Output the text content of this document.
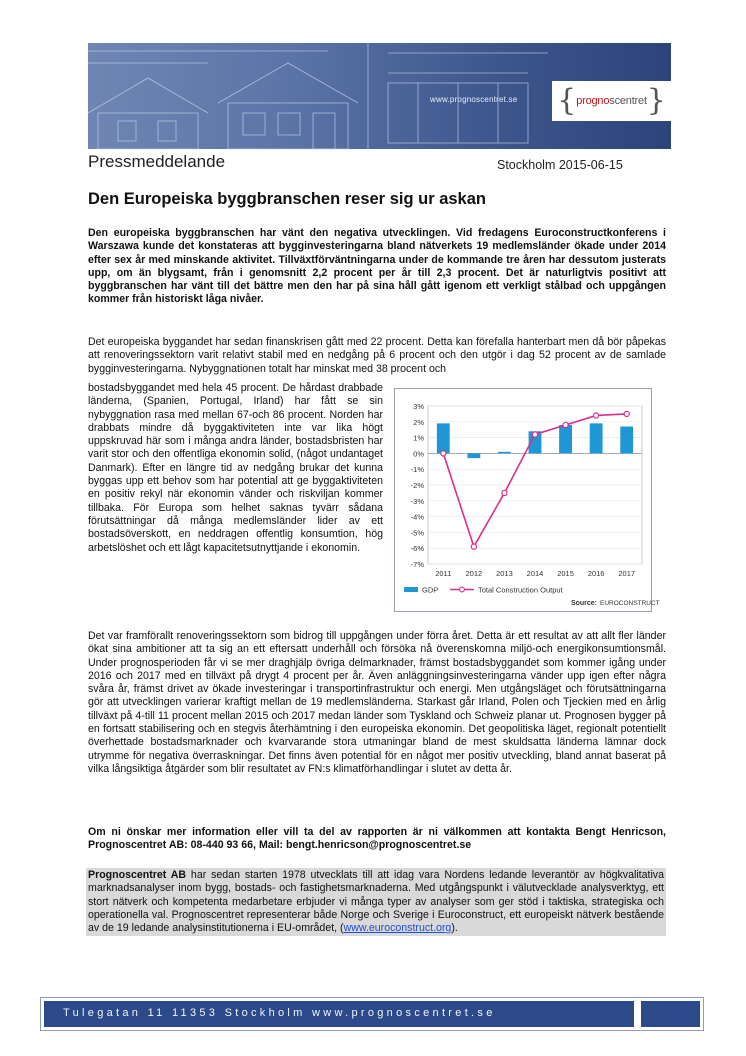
www.prognoscentret.se { prognoscentret }
Pressmeddelande	Stockholm 2015-06-15
Den Europeiska byggbranschen reser sig ur askan

Den europeiska byggbranschen har vänt den negativa utvecklingen. Vid fredagens Euroconstructkonferens i Warszawa kunde det konstateras att bygginvesteringarna bland nätverkets 19 medlemsländer ökade under 2014 efter sex år med minskande aktivitet. Tillväxtförväntningarna under de kommande tre åren har dessutom justerats upp, om än blygsamt, från i genomsnitt 2,2 procent per år till 2,3 procent. Det är naturligtvis positivt att byggbranschen har vänt till det bättre men den har på sina håll gått igenom ett verkligt stålbad och uppgången kommer från historiskt låga nivåer.

Det europeiska byggandet har sedan finanskrisen gått med 22 procent. Detta kan förefalla hanterbart men då bör påpekas att renoveringssektorn varit relativt stabil med en nedgång på 6 procent och den utgör i dag 52 procent av de samlade bygginvesteringarna. Nybyggnationen totalt har minskat med 38 procent och

bostadsbyggandet med hela 45 procent. De hårdast drabbade länderna, (Spanien, Portugal, Irland) har fått se sin nybyggnation rasa med mellan 67-och 86 procent. Norden har drabbats mindre då byggaktiviteten inte var lika högt uppskruvad här som i många andra länder, bostadsbristen har varit stor och den offentliga ekonomin solid, (något undantaget Danmark). Efter en längre tid av nedgång brukar det kunna byggas upp ett behov som har potential att ge byggaktiviteten en positiv rekyl när ekonomin vänder och riskviljan kommer tillbaka. För Europa som helhet saknas tyvärr sådana förutsättningar då många medlemsländer lider av ett bostadsöverskott, en neddragen offentlig konsumtion, hög arbetslöshet och ett lågt kapacitetsutnyttjande i ekonomin.

3%
2%
1%
0%
-1%
-2%
-3%
-4%
-5%
-6%
-7%
2011 2012 2013 2014 2015 2016 2017
GDP	Total Construction Output
Source: EUROCONSTRUCT

Det var framförallt renoveringssektorn som bidrog till uppgången under förra året. Detta är ett resultat av att allt fler länder ökat sina ambitioner att ta sig an ett eftersatt underhåll och försöka nå överenskomna miljö-och energikonsumtionsmål. Under prognosperioden får vi se mer draghjälp övriga delmarknader, främst bostadsbyggandet som kommer igång under 2016 och 2017 med en tillväxt på drygt 4 procent per år. Även anläggningsinvesteringarna vänder upp igen efter några svåra år, främst drivet av ökade investeringar i transportinfrastruktur och energi. Men utgångsläget och förutsättningarna gör att utvecklingen varierar kraftigt mellan de 19 medlemsländerna. Starkast går Irland, Polen och Tjeckien med en årlig tillväxt på 4-till 11 procent mellan 2015 och 2017 medan länder som Tyskland och Schweiz planar ut. Prognosen bygger på en fortsatt stabilisering och en stegvis återhämtning i den europeiska ekonomin. Det geopolitiska läget, regionalt potentiellt överhettade bostadsmarknader och kvarvarande stora utmaningar bland de mest skuldsatta länderna lämnar dock utrymme för negativa överraskningar. Det finns även potential för en något mer positiv utveckling, bland annat baserat på vilka långsiktiga åtgärder som blir resultatet av FN:s klimatförhandlingar i slutet av detta år.

Om ni önskar mer information eller vill ta del av rapporten är ni välkommen att kontakta Bengt Henricson, Prognoscentret AB: 08-440 93 66, Mail: bengt.henricson@prognoscentret.se

Prognoscentret AB har sedan starten 1978 utvecklats till att idag vara Nordens ledande leverantör av högkvalitativa marknadsanalyser inom bygg, bostads- och fastighetsmarknaderna. Med utgångspunkt i välutvecklade analysverktyg, ett stort nätverk och kompetenta medarbetare erbjuder vi många typer av analyser som ger stöd i taktiska, strategiska och operationella val. Prognoscentret representerar både Norge och Sverige i Euroconstruct, ett europeiskt nätverk bestående av de 19 ledande analysinstitutionerna i EU-området, (www.euroconstruct.org).

Tulegatan 11 11353 Stockholm www.prognoscentret.se
